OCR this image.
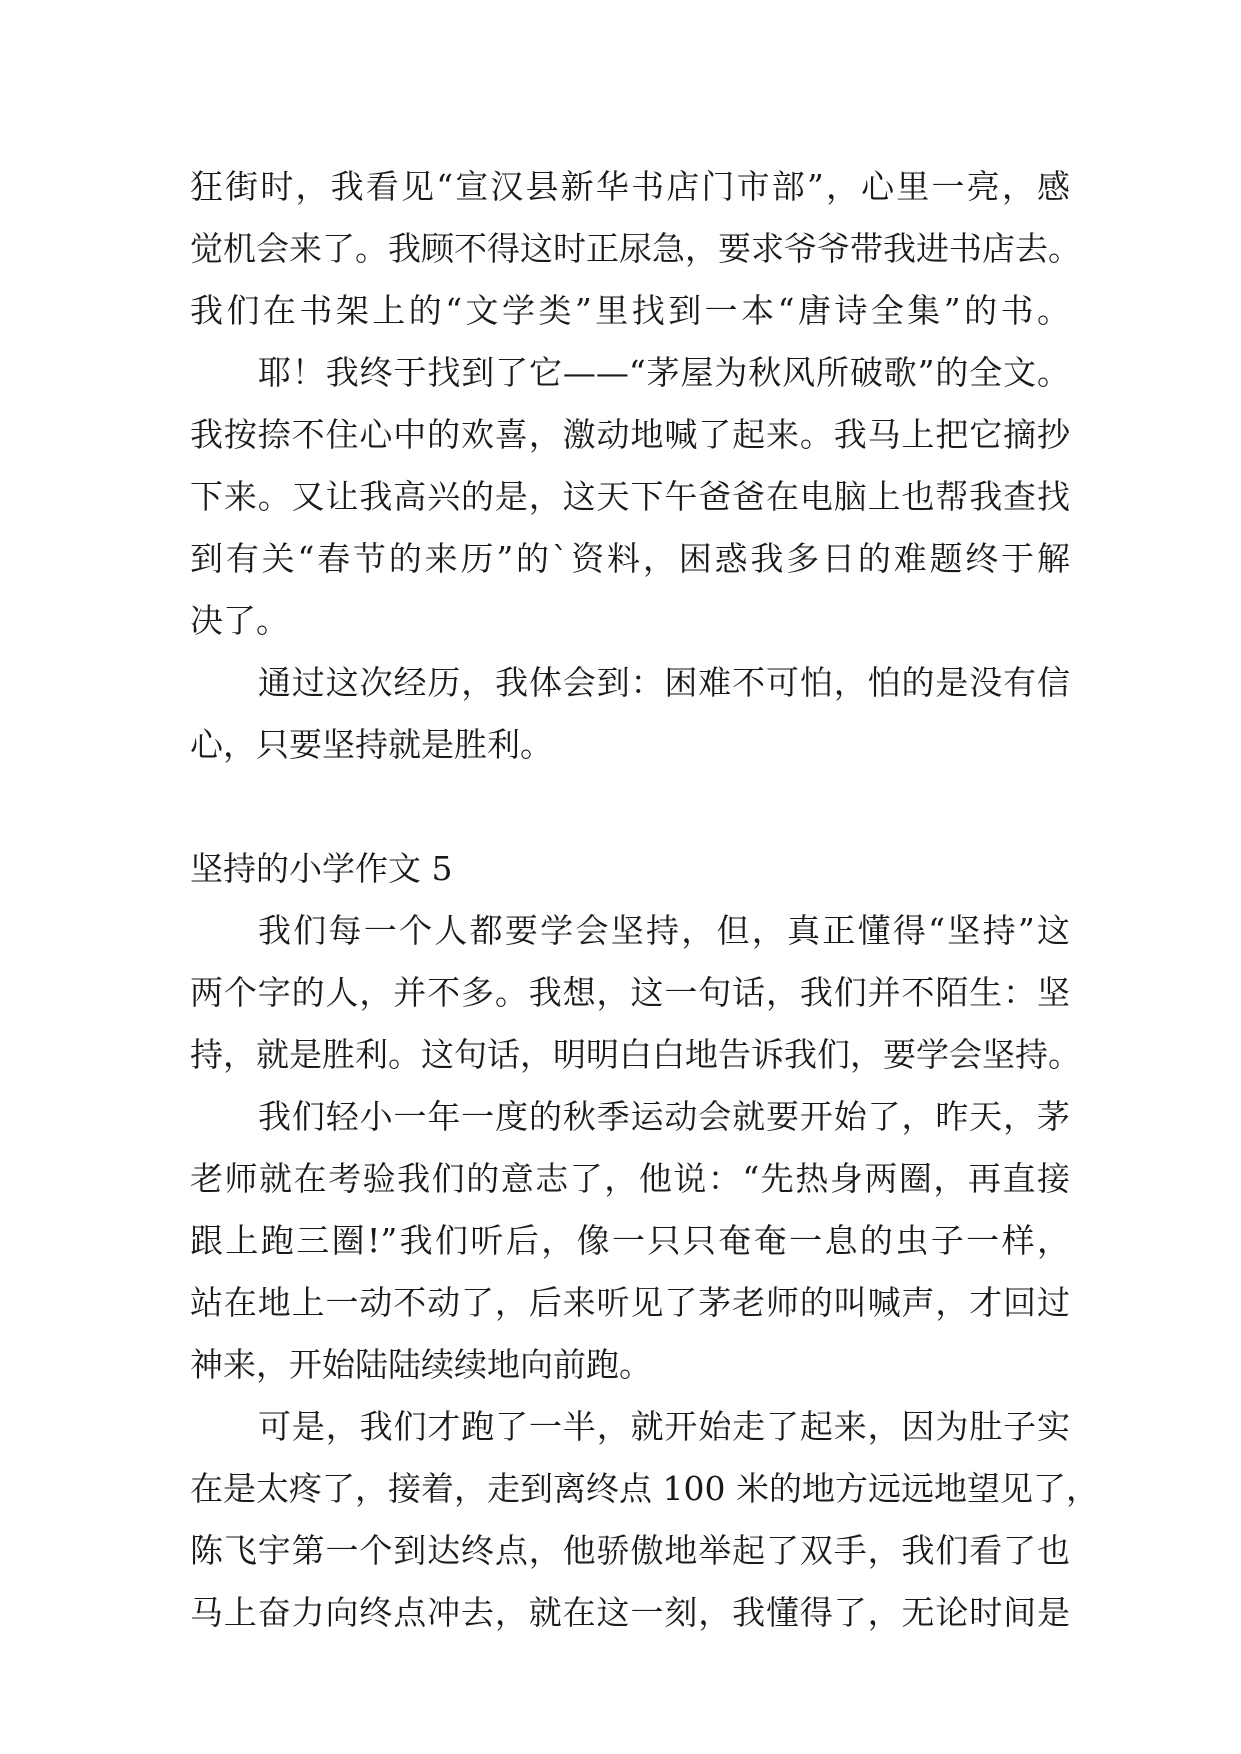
狂街时，我看见“宣汉县新华书店门市部”，心里一亮，感
觉机会来了。我顾不得这时正尿急，要求爷爷带我进书店去。
我们在书架上的“文学类”里找到一本“唐诗全集”的书。
耶！我终于找到了它——“茅屋为秋风所破歌”的全文。
我按捺不住心中的欢喜，激动地喊了起来。我马上把它摘抄
下来。又让我高兴的是，这天下午爸爸在电脑上也帮我查找
到有关“春节的来历”的`资料，困惑我多日的难题终于解
决了。
通过这次经历，我体会到：困难不可怕，怕的是没有信
心，只要坚持就是胜利。
坚持的小学作文 5
我们每一个人都要学会坚持，但，真正懂得“坚持”这
两个字的人，并不多。我想，这一句话，我们并不陌生：坚
持，就是胜利。这句话，明明白白地告诉我们，要学会坚持。
我们轻小一年一度的秋季运动会就要开始了，昨天，茅
老师就在考验我们的意志了，他说：“先热身两圈，再直接
跟上跑三圈!”我们听后，像一只只奄奄一息的虫子一样，
站在地上一动不动了，后来听见了茅老师的叫喊声，才回过
神来，开始陆陆续续地向前跑。
可是，我们才跑了一半，就开始走了起来，因为肚子实
在是太疼了，接着，走到离终点 100 米的地方远远地望见了，
陈飞宇第一个到达终点，他骄傲地举起了双手，我们看了也
马上奋力向终点冲去，就在这一刻，我懂得了，无论时间是
